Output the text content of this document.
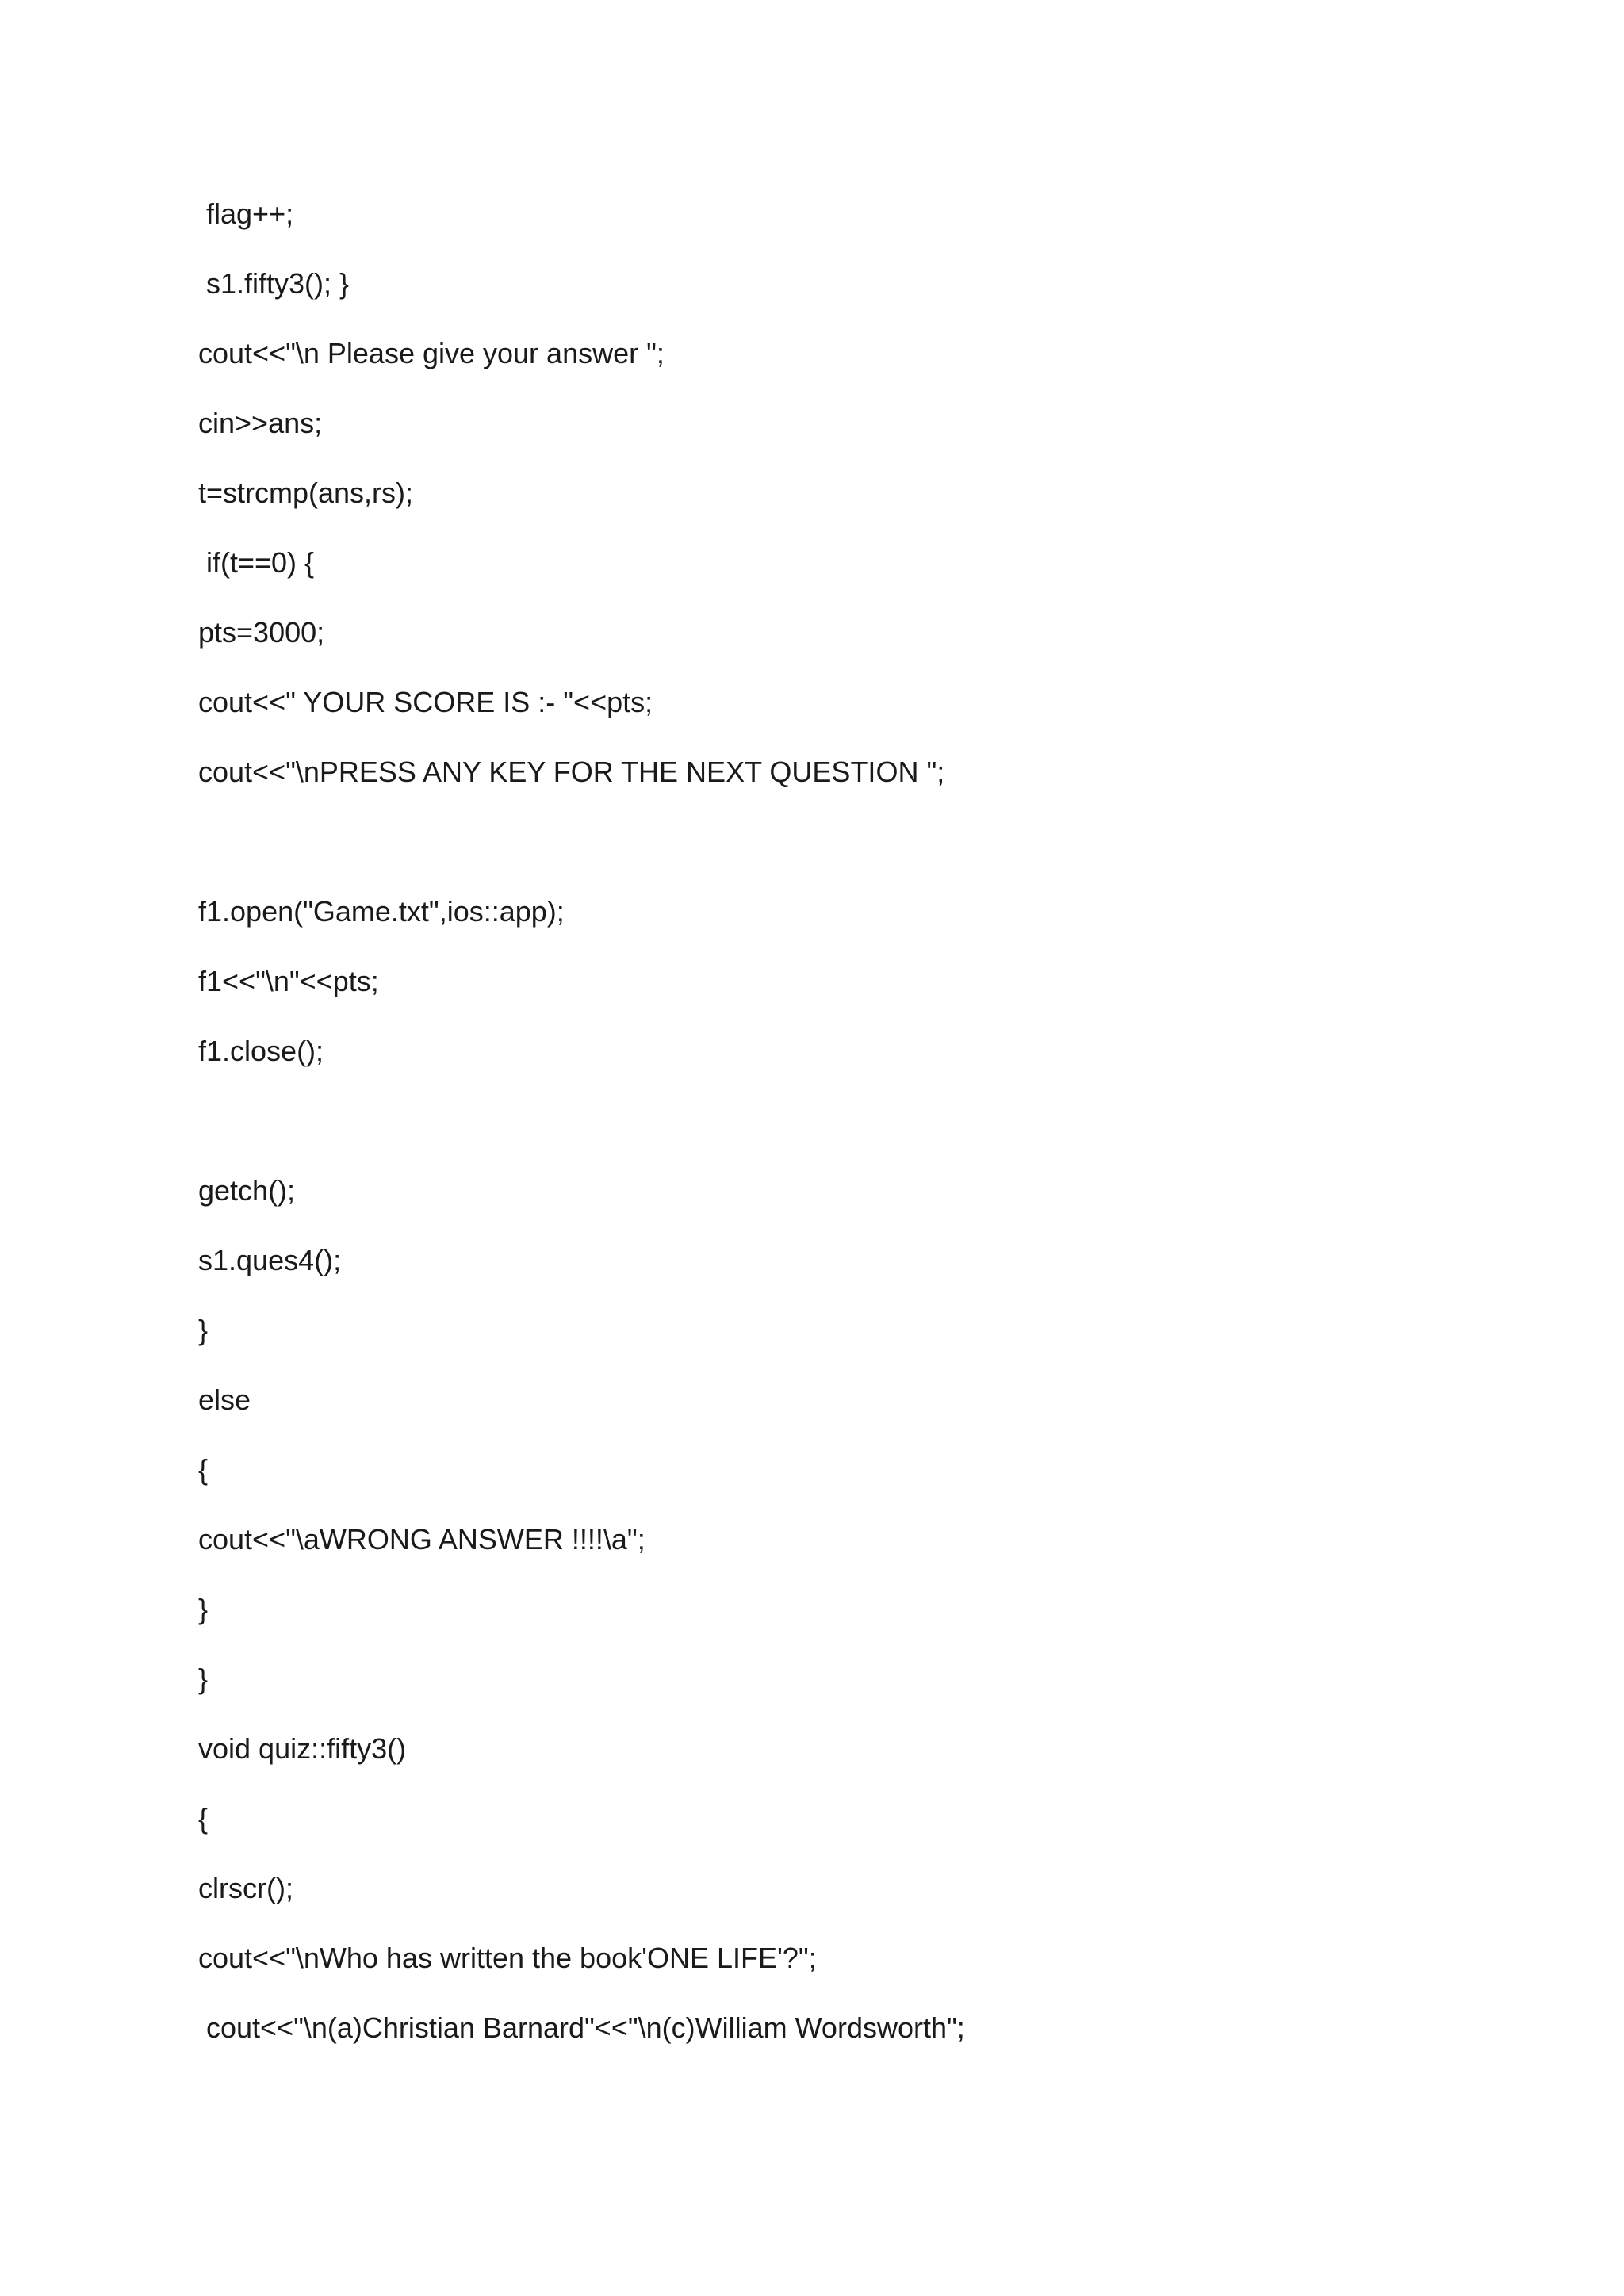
flag++;

s1.fifty3(); }

cout<<"\n Please give your answer ";

cin>>ans;

t=strcmp(ans,rs);

if(t==0) {

pts=3000;

cout<<" YOUR SCORE IS :- "<<pts;

cout<<"\nPRESS ANY KEY FOR THE NEXT QUESTION ";

f1.open("Game.txt",ios::app);

f1<<"\n"<<pts;

f1.close();

getch();

s1.ques4();

}

else

{

cout<<"\aWRONG ANSWER !!!!\a";

}

}

void quiz::fifty3()

{

clrscr();

cout<<"\nWho has written the book'ONE LIFE'?";

cout<<"\n(a)Christian Barnard"<<"\n(c)William Wordsworth";
